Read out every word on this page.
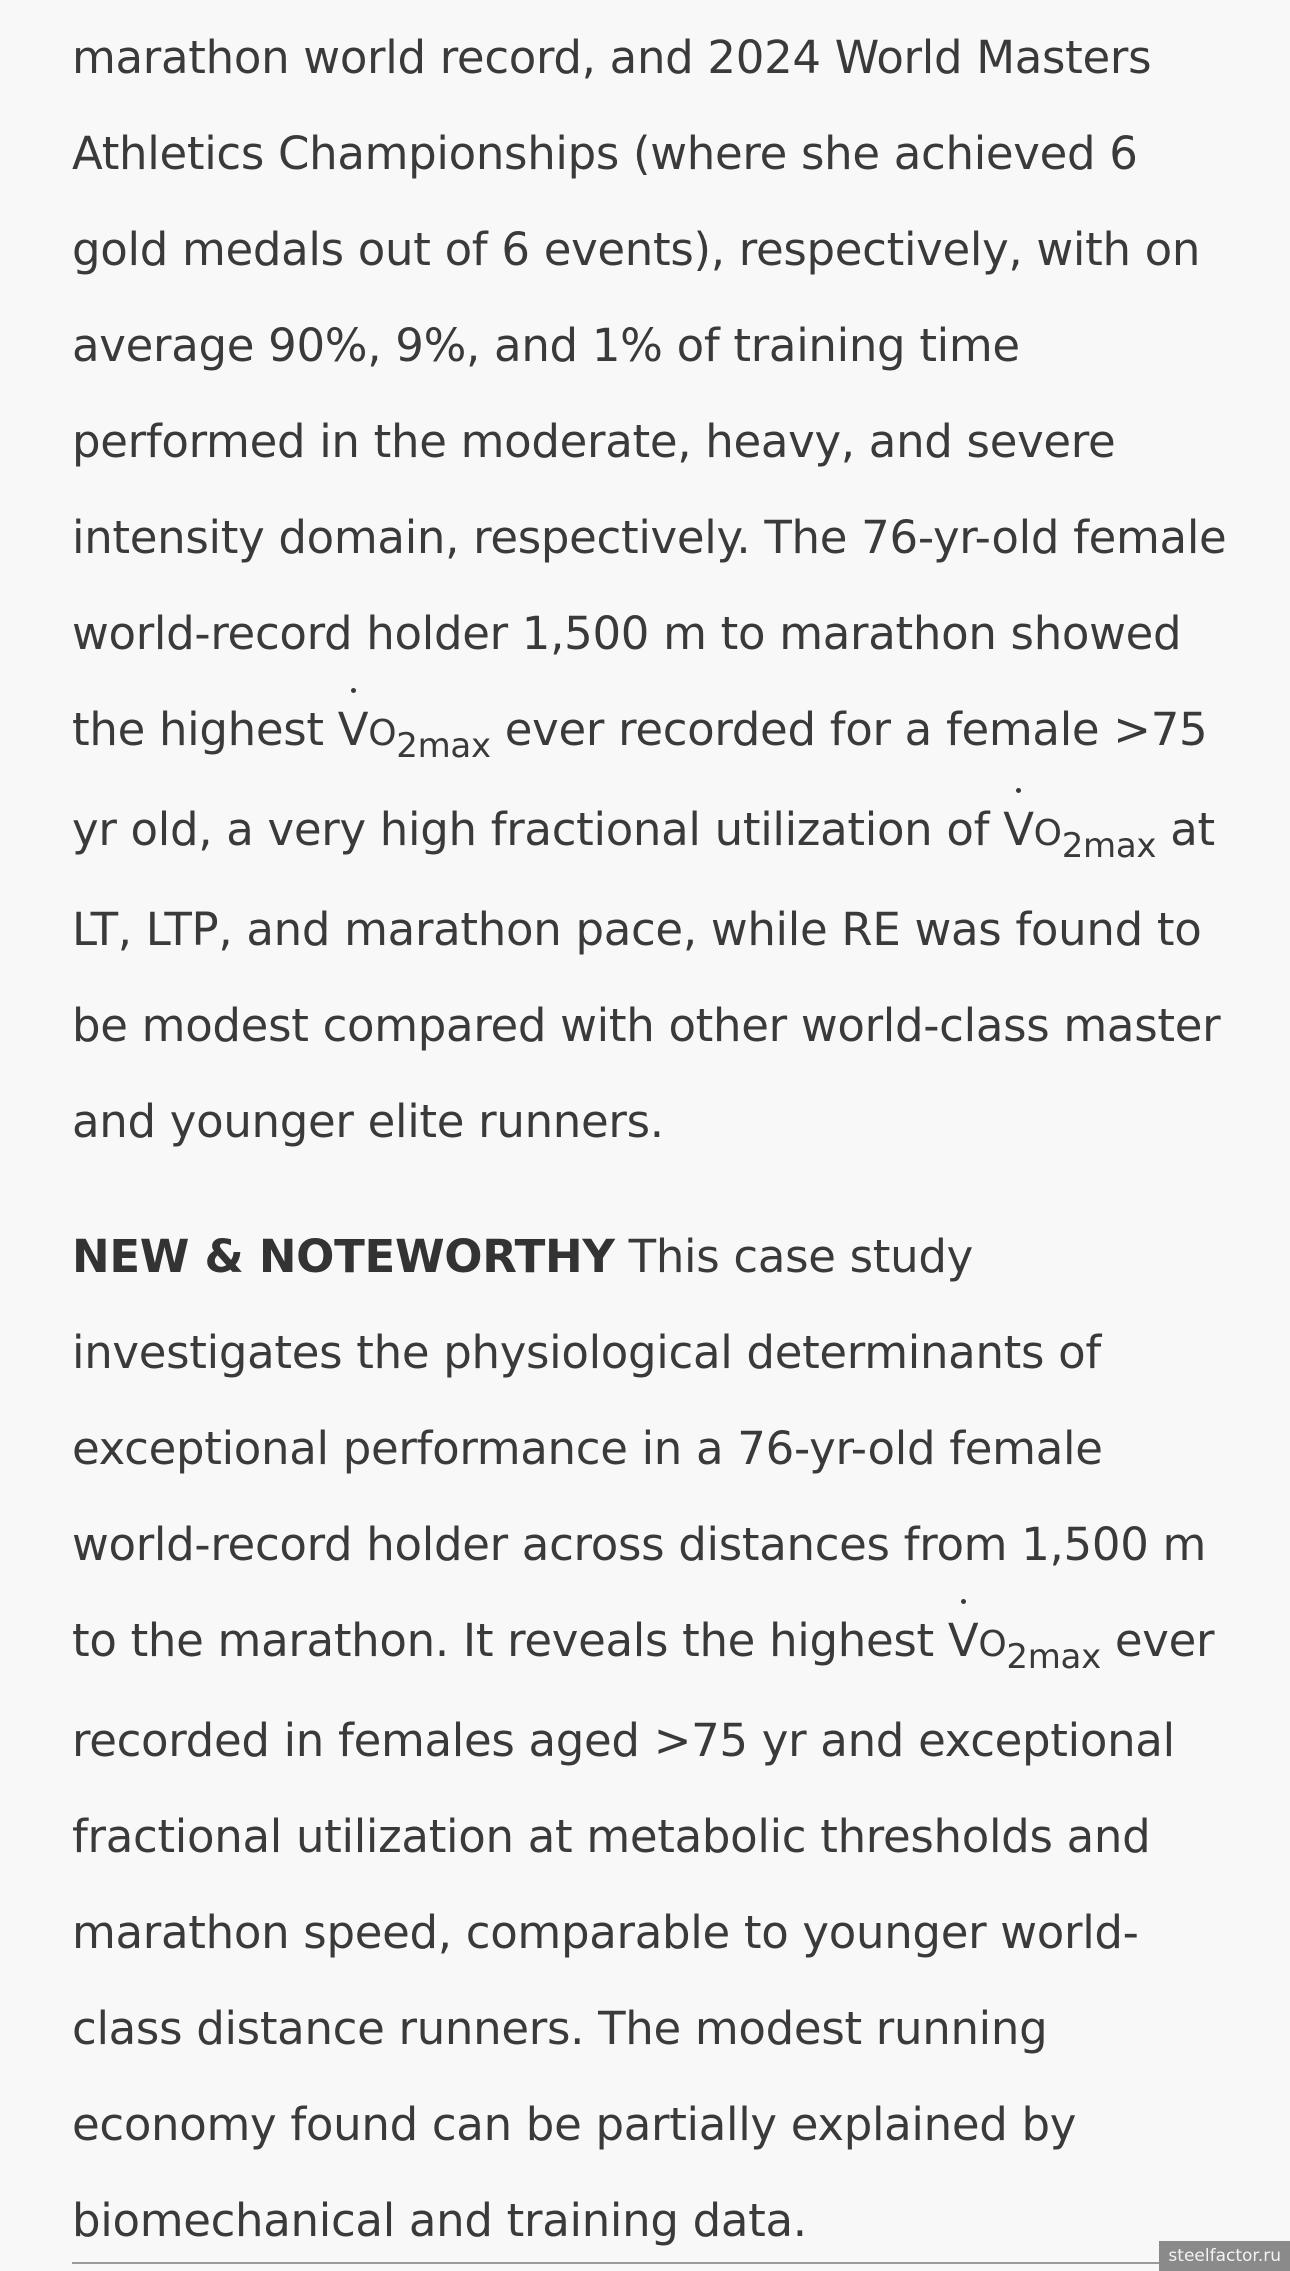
marathon world record, and 2024 World Masters
Athletics Championships (where she achieved 6
gold medals out of 6 events), respectively, with on
average 90%, 9%, and 1% of training time
performed in the moderate, heavy, and severe
intensity domain, respectively. The 76-yr-old female
world-record holder 1,500 m to marathon showed
the highest $VO_{2max}$ ever recorded for a female >75
yr old, a very high fractional utilization of $VO_{2max}$ at
LT, LTP, and marathon pace, while RE was found to
be modest compared with other world-class master
and younger elite runners.

NEW & NOTEWORTHY This case study
investigates the physiological determinants of
exceptional performance in a 76-yr-old female
world-record holder across distances from 1,500 m
to the marathon. It reveals the highest $VO_{2max}$ ever
recorded in females aged >75 yr and exceptional
fractional utilization at metabolic thresholds and
marathon speed, comparable to younger world-
class distance runners. The modest running
economy found can be partially explained by
biomechanical and training data.

steelfactor.ru
